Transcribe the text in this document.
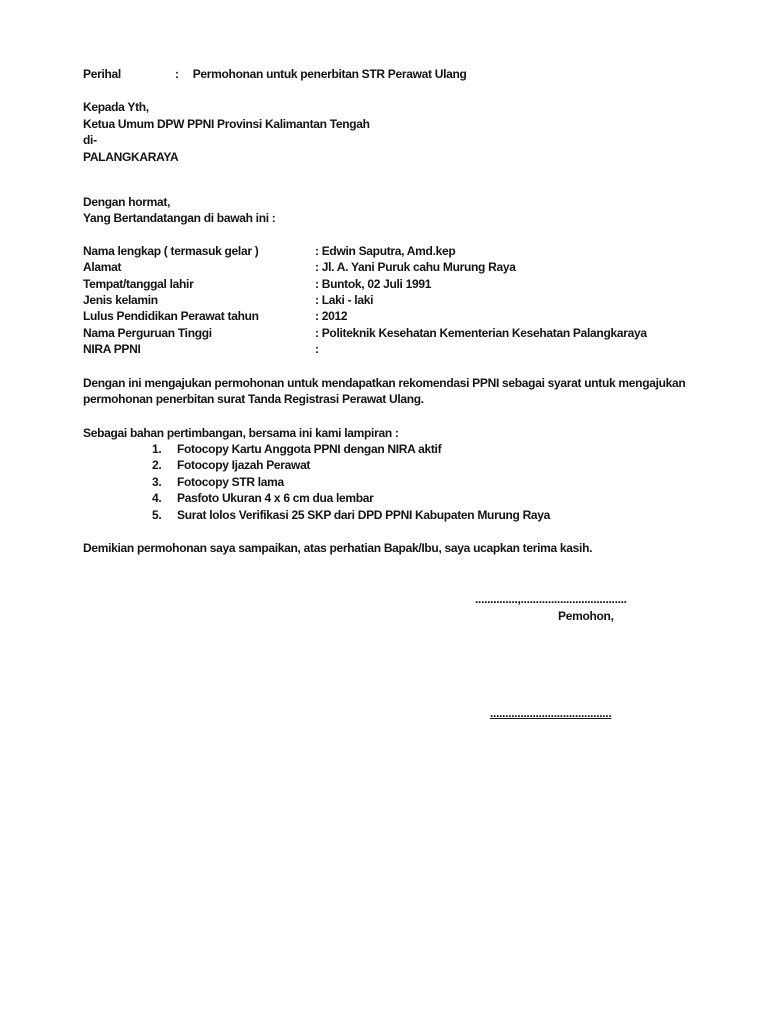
Perihal	: Permohonan untuk penerbitan STR Perawat Ulang
Kepada Yth,
Ketua Umum DPW PPNI Provinsi Kalimantan Tengah
di-
PALANGKARAYA
Dengan hormat,
Yang Bertandatangan di bawah ini :
Nama lengkap ( termasuk gelar )	: Edwin Saputra, Amd.kep
Alamat	: Jl. A. Yani Puruk cahu Murung Raya
Tempat/tanggal lahir	: Buntok, 02 Juli 1991
Jenis kelamin	: Laki - laki
Lulus Pendidikan Perawat tahun	: 2012
Nama Perguruan Tinggi	: Politeknik Kesehatan Kementerian Kesehatan Palangkaraya
NIRA PPNI	:
Dengan ini mengajukan permohonan untuk mendapatkan rekomendasi PPNI sebagai syarat untuk mengajukan permohonan penerbitan surat Tanda Registrasi Perawat Ulang.
Sebagai bahan pertimbangan, bersama ini kami lampiran :
1.	Fotocopy Kartu Anggota PPNI dengan NIRA aktif
2.	Fotocopy Ijazah Perawat
3.	Fotocopy STR lama
4.	Pasfoto Ukuran 4 x 6 cm dua lembar
5.	Surat lolos Verifikasi 25 SKP dari DPD PPNI Kabupaten Murung Raya
Demikian permohonan saya sampaikan, atas perhatian Bapak/Ibu, saya ucapkan terima kasih.
..............,...................................
Pemohon,
........................................
